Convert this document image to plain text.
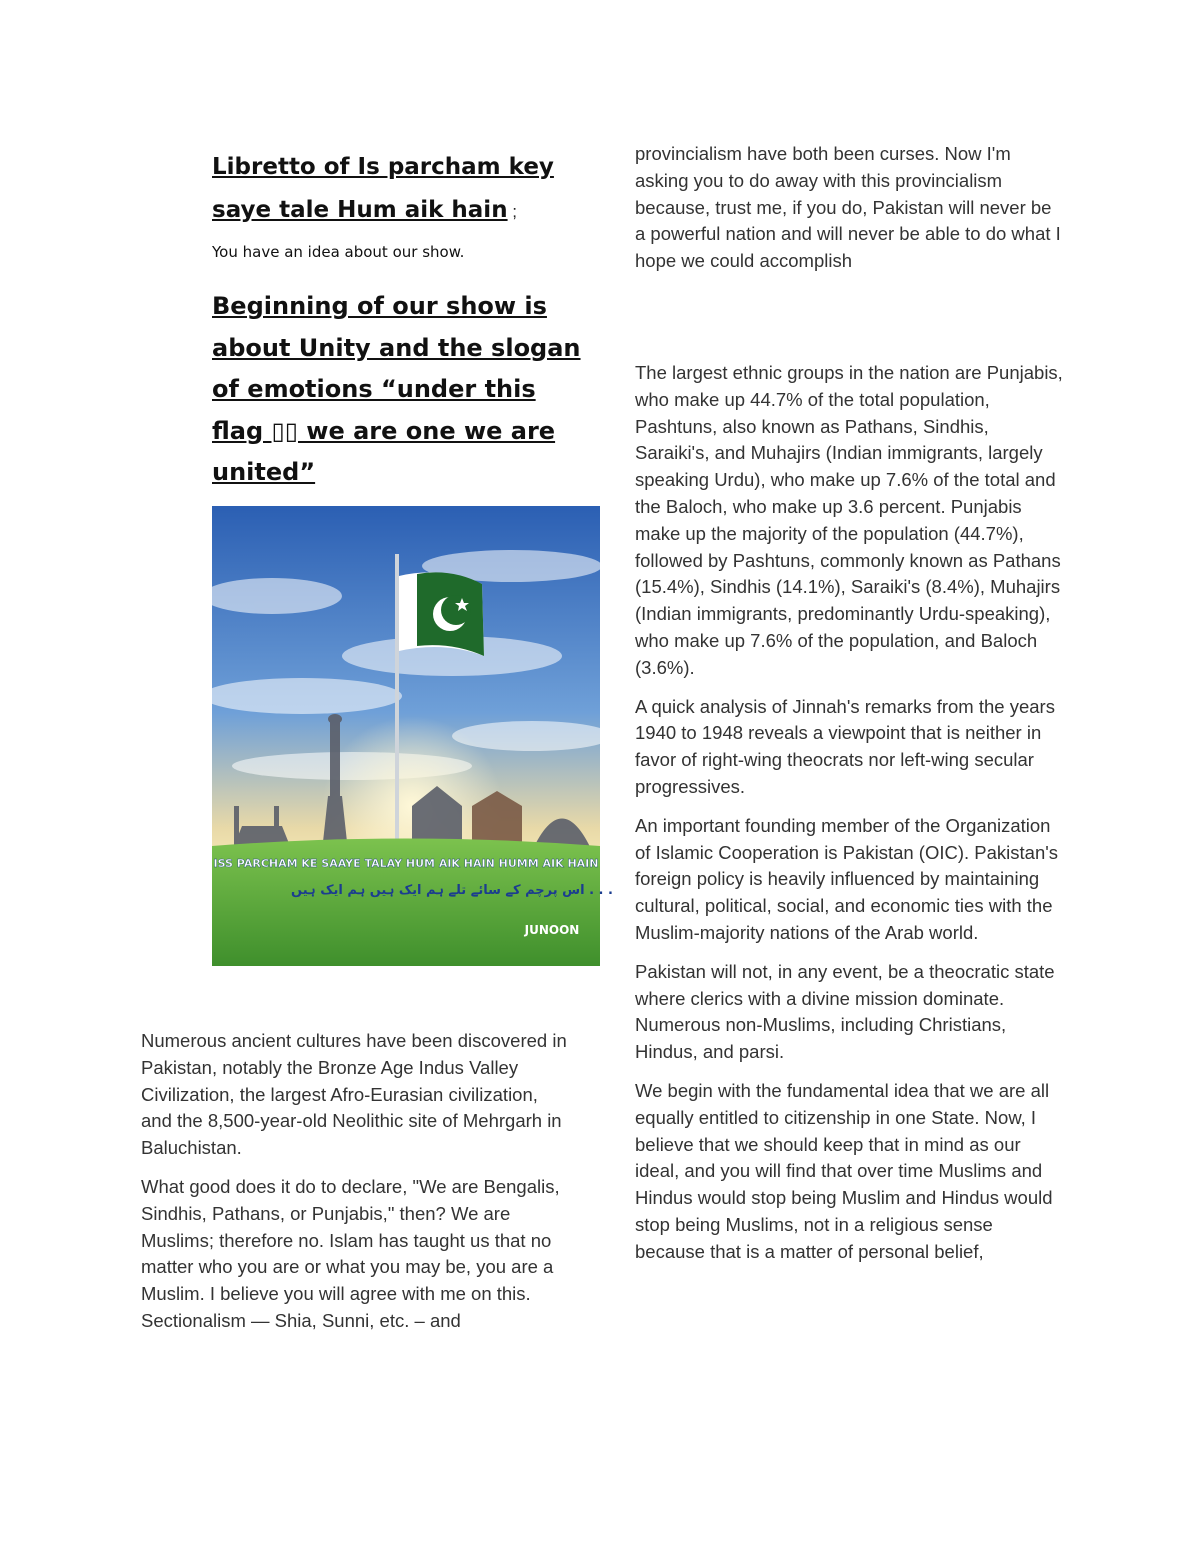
Libretto of Is parcham key
saye tale Hum aik hain ;
You have an idea about our show.
Beginning of our show is about Unity and the slogan of emotions “under this flag ▯▯ we are one we are united”
ISS PARCHAM KE SAAYE TALAY HUM AIK HAIN HUMM AIK HAIN
اس پرچم کے سائے تلے ہم ایک ہیں ہم ایک ہیں . . .
JUNOON

Numerous ancient cultures have been discovered in Pakistan, notably the Bronze Age Indus Valley Civilization, the largest Afro-Eurasian civilization, and the 8,500-year-old Neolithic site of Mehrgarh in Baluchistan.

What good does it do to declare, "We are Bengalis, Sindhis, Pathans, or Punjabis," then? We are Muslims; therefore no. Islam has taught us that no matter who you are or what you may be, you are a Muslim. I believe you will agree with me on this. Sectionalism — Shia, Sunni, etc. – and

provincialism have both been curses. Now I'm asking you to do away with this provincialism because, trust me, if you do, Pakistan will never be a powerful nation and will never be able to do what I hope we could accomplish

The largest ethnic groups in the nation are Punjabis, who make up 44.7% of the total population, Pashtuns, also known as Pathans, Sindhis, Saraiki's, and Muhajirs (Indian immigrants, largely speaking Urdu), who make up 7.6% of the total and the Baloch, who make up 3.6 percent. Punjabis make up the majority of the population (44.7%), followed by Pashtuns, commonly known as Pathans (15.4%), Sindhis (14.1%), Saraiki's (8.4%), Muhajirs (Indian immigrants, predominantly Urdu-speaking), who make up 7.6% of the population, and Baloch (3.6%).

A quick analysis of Jinnah's remarks from the years 1940 to 1948 reveals a viewpoint that is neither in favor of right-wing theocrats nor left-wing secular progressives.

An important founding member of the Organization of Islamic Cooperation is Pakistan (OIC). Pakistan's foreign policy is heavily influenced by maintaining cultural, political, social, and economic ties with the Muslim-majority nations of the Arab world.

Pakistan will not, in any event, be a theocratic state where clerics with a divine mission dominate. Numerous non-Muslims, including Christians, Hindus, and parsi.

We begin with the fundamental idea that we are all equally entitled to citizenship in one State. Now, I believe that we should keep that in mind as our ideal, and you will find that over time Muslims and Hindus would stop being Muslim and Hindus would stop being Muslims, not in a religious sense because that is a matter of personal belief,
